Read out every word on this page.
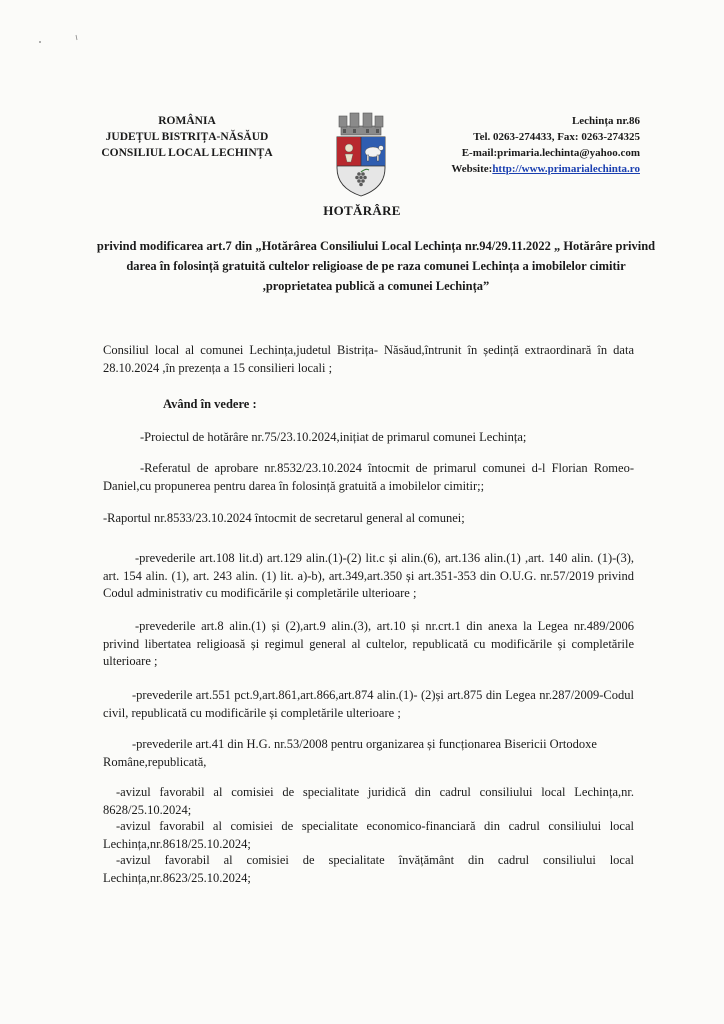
ROMÂNIA
JUDEȚUL BISTRIȚA-NĂSĂUD
CONSILIUL LOCAL LECHINȚA
Lechința nr.86
Tel. 0263-274433, Fax: 0263-274325
E-mail:primaria.lechinta@yahoo.com
Website:http://www.primarialechinta.ro
HOTĂRÂRE
privind modificarea art.7 din „Hotărârea Consiliului Local Lechința nr.94/29.11.2022 „ Hotărâre privind darea în folosință gratuită cultelor religioase de pe raza comunei Lechința a imobilelor cimitir ,proprietatea publică a comunei Lechința”
Consiliul local al comunei Lechința,judetul Bistrița- Năsăud,întrunit în ședință extraordinară în data 28.10.2024 ,în prezența a 15 consilieri locali ;
Având în vedere :
-Proiectul de hotărâre nr.75/23.10.2024,inițiat de primarul comunei Lechința;
-Referatul de aprobare nr.8532/23.10.2024 întocmit de primarul comunei d-l Florian Romeo-Daniel,cu propunerea pentru darea în folosință gratuită a imobilelor cimitir;;
-Raportul nr.8533/23.10.2024 întocmit de secretarul general al comunei;
-prevederile art.108 lit.d) art.129 alin.(1)-(2) lit.c și alin.(6), art.136 alin.(1) ,art. 140 alin. (1)-(3), art. 154 alin. (1), art. 243 alin. (1) lit. a)-b), art.349,art.350 și art.351-353 din O.U.G. nr.57/2019 privind Codul administrativ cu modificările și completările ulterioare ;
-prevederile art.8 alin.(1) și (2),art.9 alin.(3), art.10 și nr.crt.1 din anexa la Legea nr.489/2006 privind libertatea religioasă și regimul general al cultelor, republicată cu modificările și completările ulterioare ;
-prevederile art.551 pct.9,art.861,art.866,art.874 alin.(1)- (2)și art.875 din Legea nr.287/2009-Codul civil, republicată cu modificările și completările ulterioare ;
-prevederile art.41 din H.G. nr.53/2008 pentru organizarea și funcționarea Bisericii Ortodoxe Române,republicată,
-avizul favorabil al comisiei de specialitate juridică din cadrul consiliului local Lechința,nr. 8628/25.10.2024;
-avizul favorabil al comisiei de specialitate economico-financiară din cadrul consiliului local Lechința,nr.8618/25.10.2024;
-avizul favorabil al comisiei de specialitate învățământ din cadrul consiliului local Lechința,nr.8623/25.10.2024;
